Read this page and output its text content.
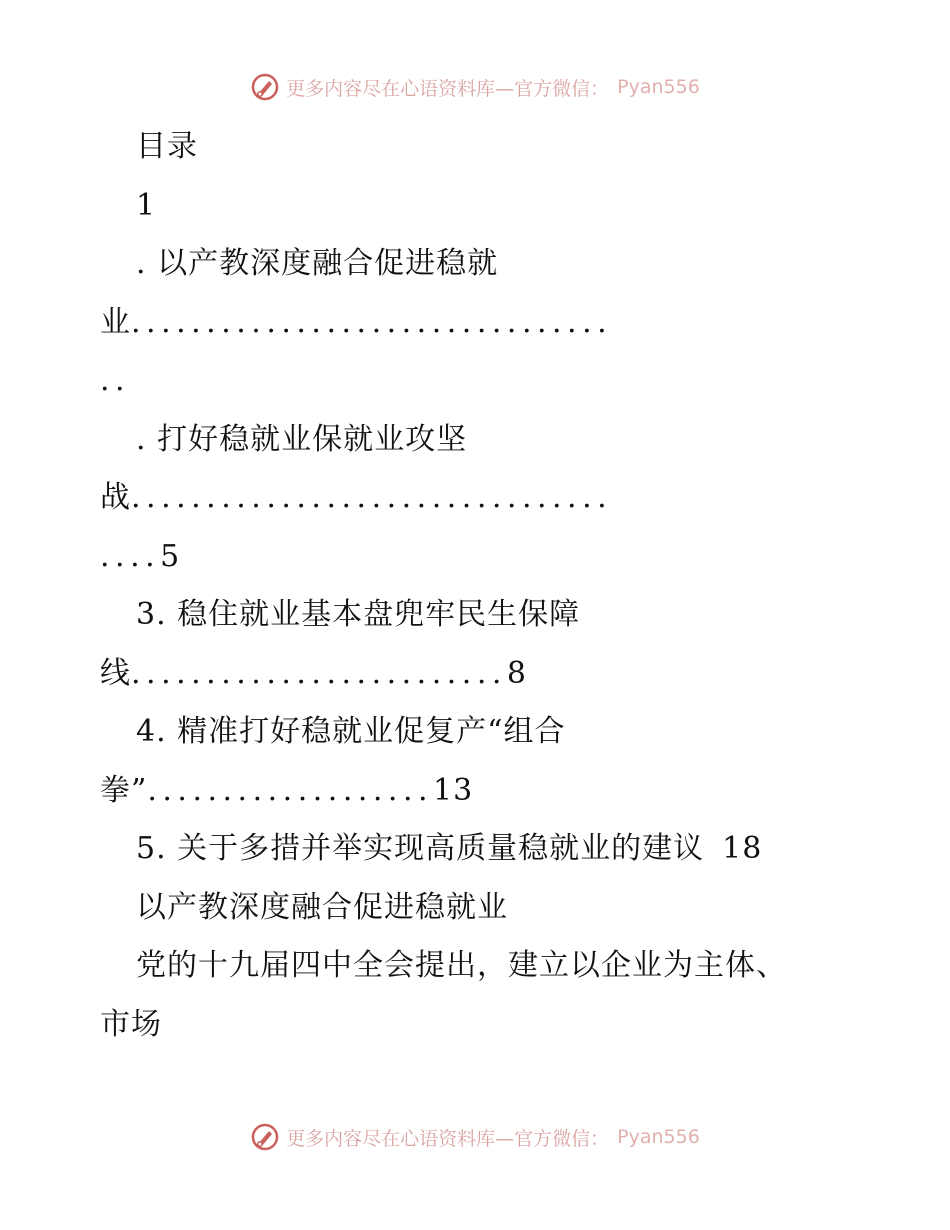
更多内容尽在心语资料库—官方微信： Pyan556
目录
1
. 以产教深度融合促进稳就
业 ................................
..
. 打好稳就业保就业攻坚
战 ................................
.... 5
3. 稳住就业基本盘兜牢民生保障
线 ......................... 8
4. 精准打好稳就业促复产“组合
拳” ................... 13
5. 关于多措并举实现高质量稳就业的建议 18
以产教深度融合促进稳就业
党的十九届四中全会提出，建立以企业为主体、
市场
更多内容尽在心语资料库—官方微信： Pyan556
